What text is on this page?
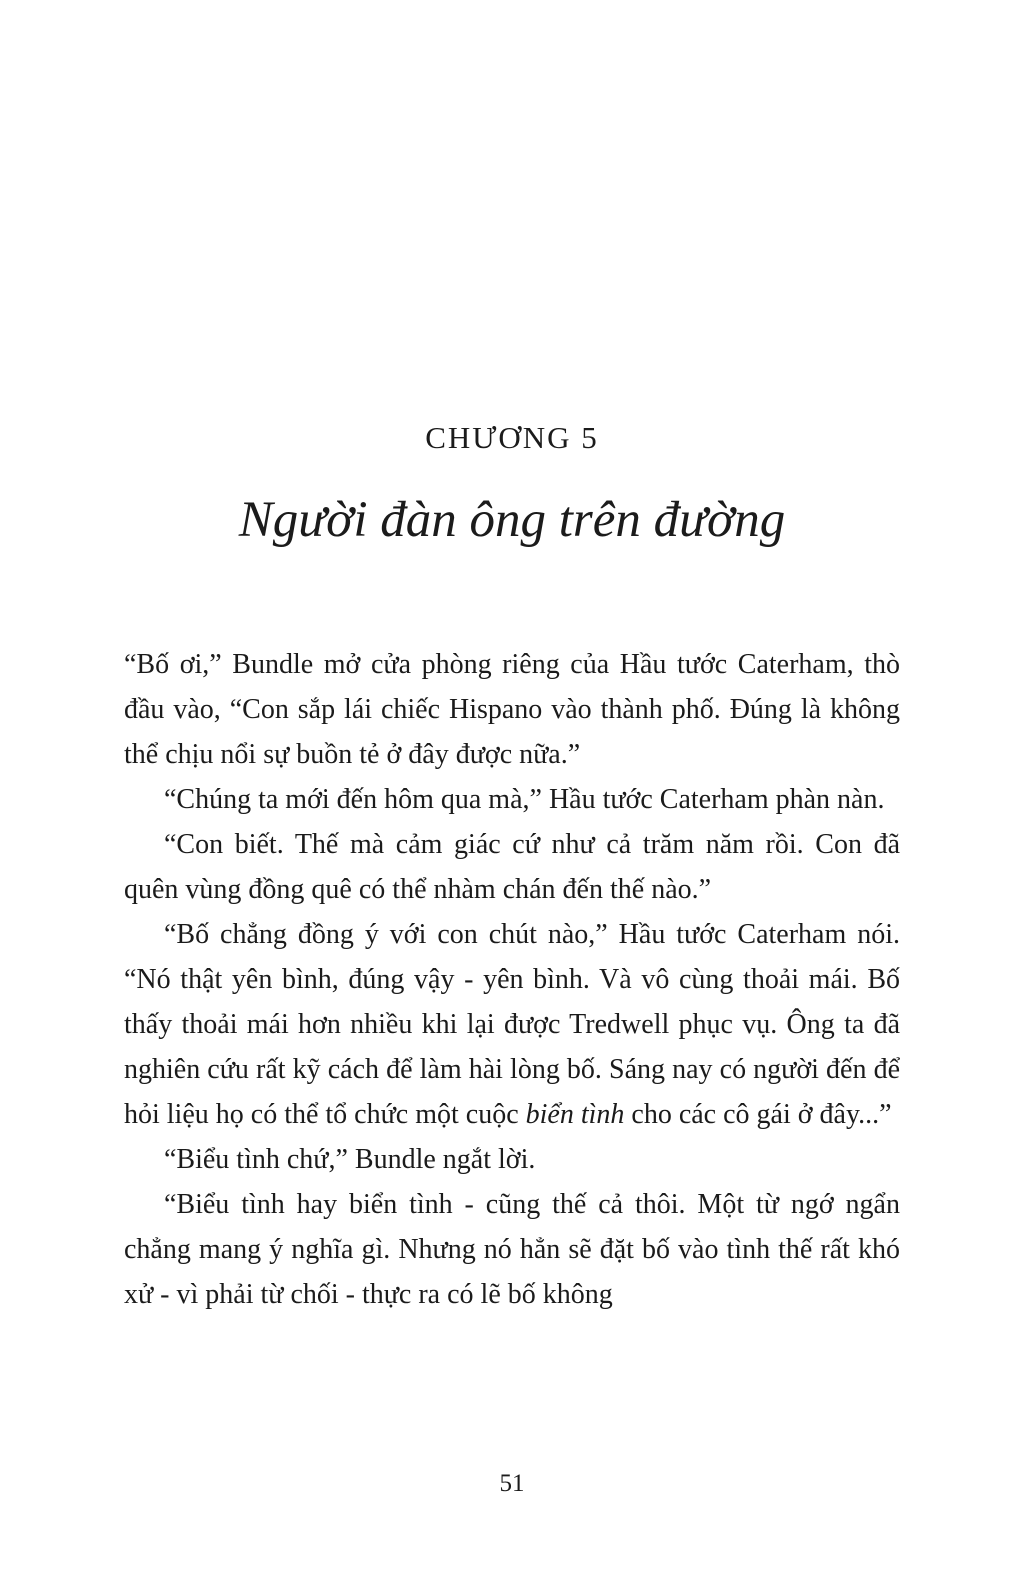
CHƯƠNG 5
Người đàn ông trên đường

“Bố ơi,” Bundle mở cửa phòng riêng của Hầu tước Caterham, thò đầu vào, “Con sắp lái chiếc Hispano vào thành phố. Đúng là không thể chịu nổi sự buồn tẻ ở đây được nữa.”

“Chúng ta mới đến hôm qua mà,” Hầu tước Caterham phàn nàn.

“Con biết. Thế mà cảm giác cứ như cả trăm năm rồi. Con đã quên vùng đồng quê có thể nhàm chán đến thế nào.”

“Bố chẳng đồng ý với con chút nào,” Hầu tước Caterham nói. “Nó thật yên bình, đúng vậy - yên bình. Và vô cùng thoải mái. Bố thấy thoải mái hơn nhiều khi lại được Tredwell phục vụ. Ông ta đã nghiên cứu rất kỹ cách để làm hài lòng bố. Sáng nay có người đến để hỏi liệu họ có thể tổ chức một cuộc biển tình cho các cô gái ở đây...”

“Biểu tình chứ,” Bundle ngắt lời.

“Biểu tình hay biển tình - cũng thế cả thôi. Một từ ngớ ngẩn chẳng mang ý nghĩa gì. Nhưng nó hẳn sẽ đặt bố vào tình thế rất khó xử - vì phải từ chối - thực ra có lẽ bố không

51
